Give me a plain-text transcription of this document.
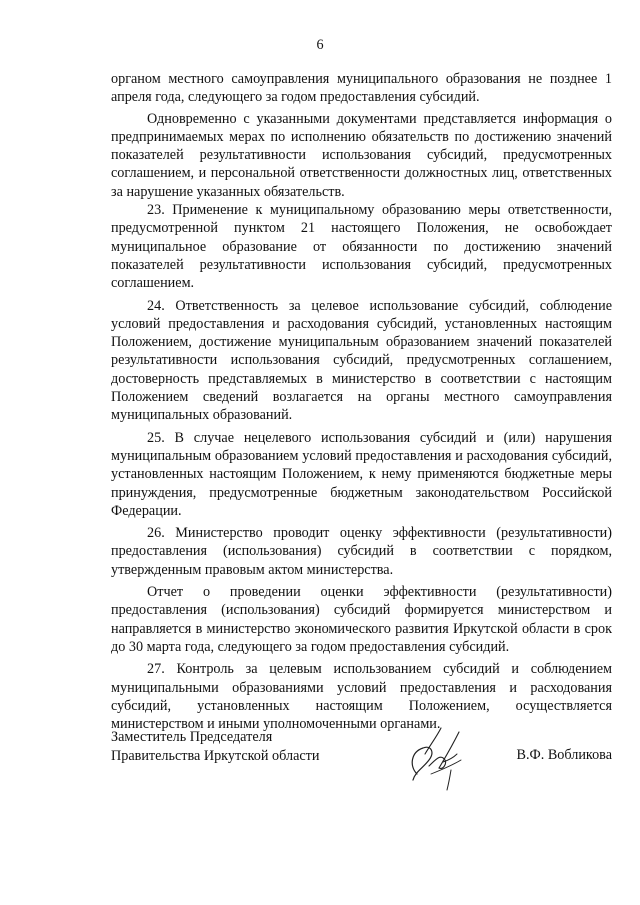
6

органом местного самоуправления муниципального образования не позднее 1 апреля года, следующего за годом предоставления субсидий.

Одновременно с указанными документами представляется информация о предпринимаемых мерах по исполнению обязательств по достижению значений показателей результативности использования субсидий, предусмотренных соглашением, и персональной ответственности должностных лиц, ответственных за нарушение указанных обязательств.

23. Применение к муниципальному образованию меры ответственности, предусмотренной пунктом 21 настоящего Положения, не освобождает муниципальное образование от обязанности по достижению значений показателей результативности использования субсидий, предусмотренных соглашением.

24. Ответственность за целевое использование субсидий, соблюдение условий предоставления и расходования субсидий, установленных настоящим Положением, достижение муниципальным образованием значений показателей результативности использования субсидий, предусмотренных соглашением, достоверность представляемых в министерство в соответствии с настоящим Положением сведений возлагается на органы местного самоуправления муниципальных образований.

25. В случае нецелевого использования субсидий и (или) нарушения муниципальным образованием условий предоставления и расходования субсидий, установленных настоящим Положением, к нему применяются бюджетные меры принуждения, предусмотренные бюджетным законодательством Российской Федерации.

26. Министерство проводит оценку эффективности (результативности) предоставления (использования) субсидий в соответствии с порядком, утвержденным правовым актом министерства.

Отчет о проведении оценки эффективности (результативности) предоставления (использования) субсидий формируется министерством и направляется в министерство экономического развития Иркутской области в срок до 30 марта года, следующего за годом предоставления субсидий.

27. Контроль за целевым использованием субсидий и соблюдением муниципальными образованиями условий предоставления и расходования субсидий, установленных настоящим Положением, осуществляется министерством и иными уполномоченными органами.

Заместитель Председателя
Правительства Иркутской области	В.Ф. Вобликова
